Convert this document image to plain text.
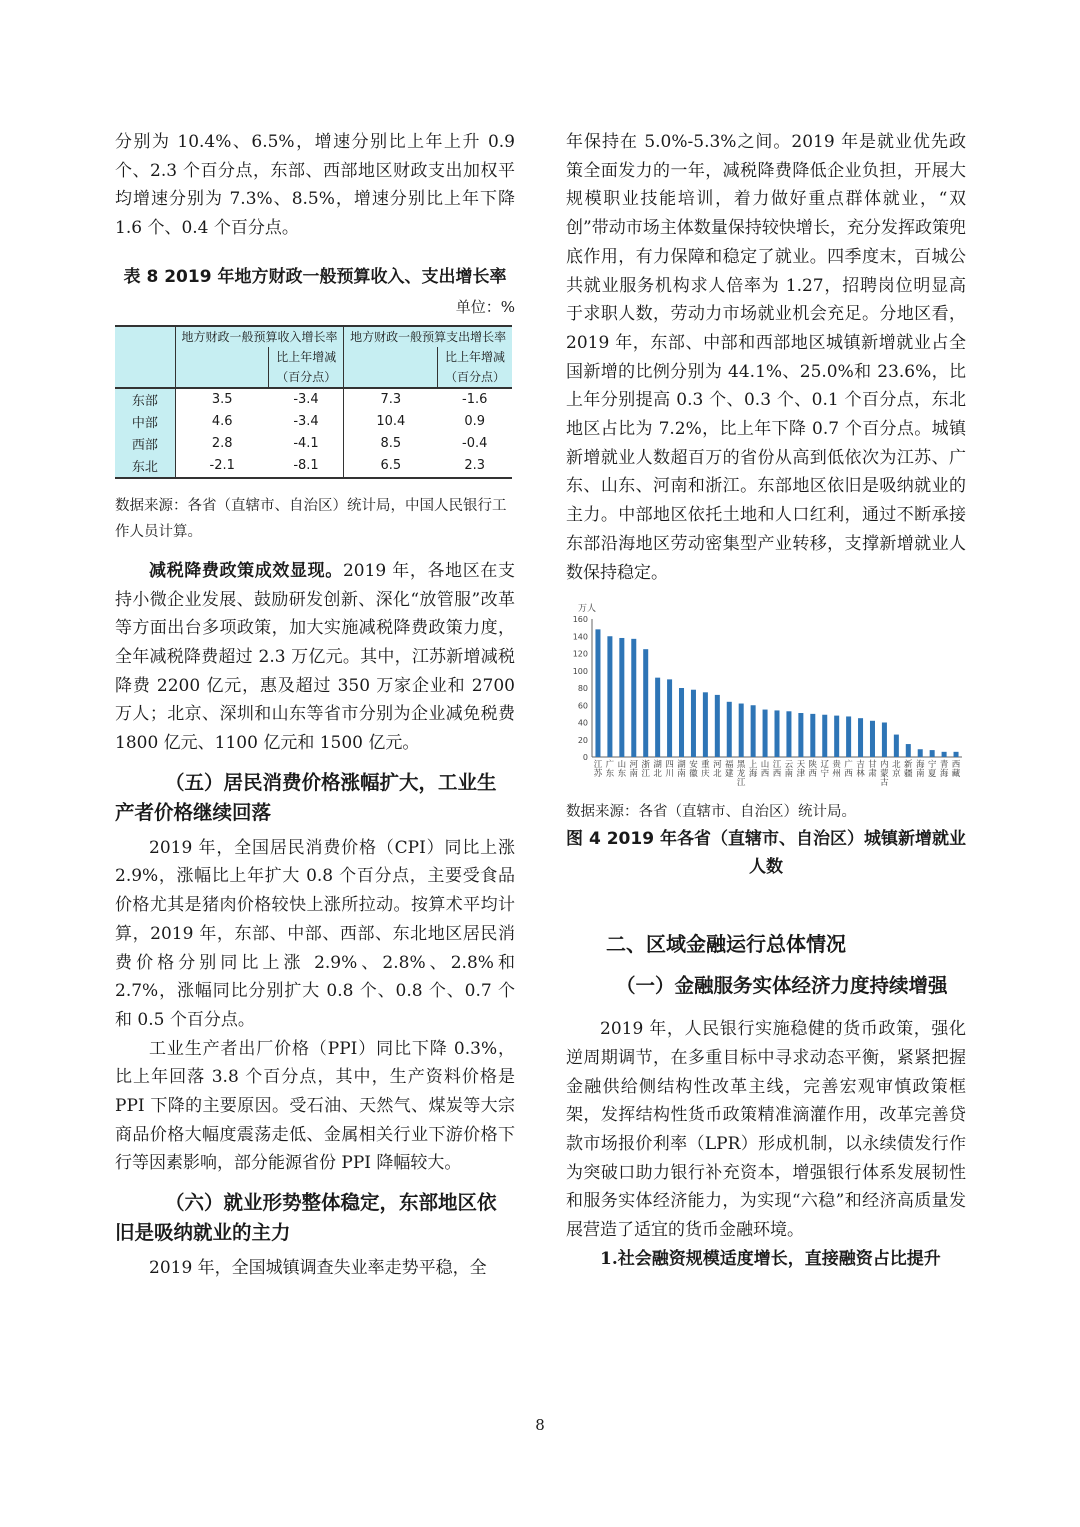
分别为 10.4%、6.5%，增速分别比上年上升 0.9 个、2.3 个百分点，东部、西部地区财政支出加权平均增速分别为 7.3%、8.5%，增速分别比上年下降 1.6 个、0.4 个百分点。

表 8 2019 年地方财政一般预算收入、支出增长率
单位：%
	地方财政一般预算收入增长率		地方财政一般预算支出增长率	
		比上年增减		比上年增减
		（百分点）		（百分点）
东部	3.5	-3.4	7.3	-1.6
中部	4.6	-3.4	10.4	0.9
西部	2.8	-4.1	8.5	-0.4
东北	-2.1	-8.1	6.5	2.3

数据来源：各省（直辖市、自治区）统计局，中国人民银行工作人员计算。

减税降费政策成效显现。2019 年，各地区在支持小微企业发展、鼓励研发创新、深化“放管服”改革等方面出台多项政策，加大实施减税降费政策力度，全年减税降费超过 2.3 万亿元。其中，江苏新增减税降费 2200 亿元，惠及超过 350 万家企业和 2700 万人；北京、深圳和山东等省市分别为企业减免税费 1800 亿元、1100 亿元和 1500 亿元。

（五）居民消费价格涨幅扩大，工业生产者价格继续回落

2019 年，全国居民消费价格（CPI）同比上涨 2.9%，涨幅比上年扩大 0.8 个百分点，主要受食品价格尤其是猪肉价格较快上涨所拉动。按算术平均计算，2019 年，东部、中部、西部、东北地区居民消费价格分别同比上涨 2.9%、2.8%、2.8%和 2.7%，涨幅同比分别扩大 0.8 个、0.8 个、0.7 个和 0.5 个百分点。

工业生产者出厂价格（PPI）同比下降 0.3%，比上年回落 3.8 个百分点，其中，生产资料价格是 PPI 下降的主要原因。受石油、天然气、煤炭等大宗商品价格大幅度震荡走低、金属相关行业下游价格下行等因素影响，部分能源省份 PPI 降幅较大。

（六）就业形势整体稳定，东部地区依旧是吸纳就业的主力

2019 年，全国城镇调查失业率走势平稳，全

年保持在 5.0%-5.3%之间。2019 年是就业优先政策全面发力的一年，减税降费降低企业负担，开展大规模职业技能培训，着力做好重点群体就业，“双创”带动市场主体数量保持较快增长，充分发挥政策兜底作用，有力保障和稳定了就业。四季度末，百城公共就业服务机构求人倍率为 1.27，招聘岗位明显高于求职人数，劳动力市场就业机会充足。分地区看，2019 年，东部、中部和西部地区城镇新增就业占全国新增的比例分别为 44.1%、25.0%和 23.6%，比上年分别提高 0.3 个、0.3 个、0.1 个百分点，东北地区占比为 7.2%，比上年下降 0.7 个百分点。城镇新增就业人数超百万的省份从高到低依次为江苏、广东、山东、河南和浙江。东部地区依旧是吸纳就业的主力。中部地区依托土地和人口红利，通过不断承接东部沿海地区劳动密集型产业转移，支撑新增就业人数保持稳定。

万人
0
20
40
60
80
100
120
140
160
江苏
广东
山东
河南
浙江
湖北
四川
湖南
安徽
重庆
河北
福建
黑龙江
上海
山西
江西
云南
天津
陕西
辽宁
贵州
广西
吉林
甘肃
内蒙古
北京
新疆
海南
宁夏
青海
西藏

数据来源：各省（直辖市、自治区）统计局。

图 4 2019 年各省（直辖市、自治区）城镇新增就业人数
二、区域金融运行总体情况
（一）金融服务实体经济力度持续增强

2019 年，人民银行实施稳健的货币政策，强化逆周期调节，在多重目标中寻求动态平衡，紧紧把握金融供给侧结构性改革主线，完善宏观审慎政策框架，发挥结构性货币政策精准滴灌作用，改革完善贷款市场报价利率（LPR）形成机制，以永续债发行作为突破口助力银行补充资本，增强银行体系发展韧性和服务实体经济能力，为实现“六稳”和经济高质量发展营造了适宜的货币金融环境。

1.社会融资规模适度增长，直接融资占比提升

8
